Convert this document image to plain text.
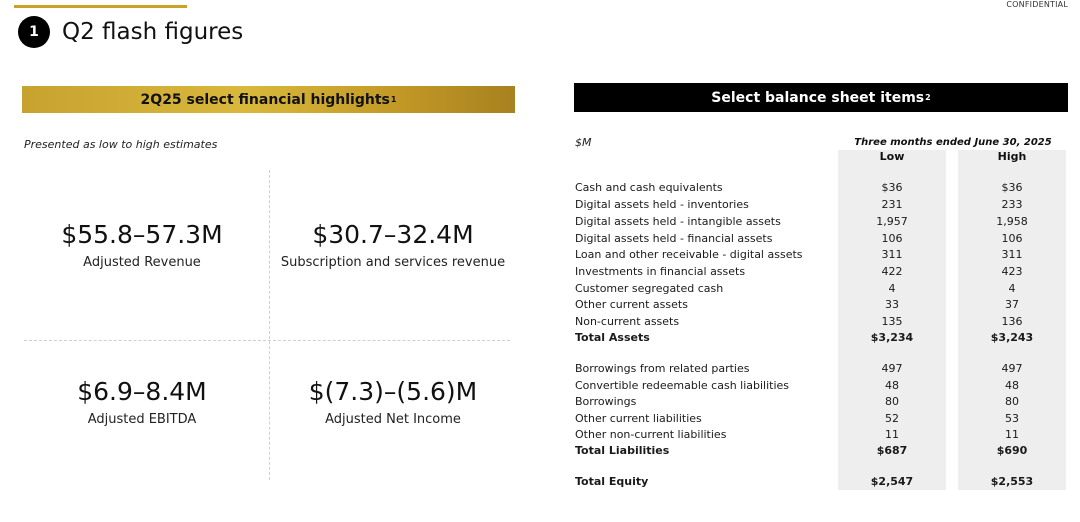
CONFIDENTIAL
1	Q2 flash figures
2Q25 select financial highlights 1
Presented as low to high estimates
$55.8–57.3M
Adjusted Revenue
$30.7–32.4M
Subscription and services revenue
$6.9–8.4M
Adjusted EBITDA
$(7.3)–(5.6)M
Adjusted Net Income
Select balance sheet items 2
$M	Three months ended June 30, 2025
Low	High
Cash and cash equivalents	$36	$36
Digital assets held - inventories	231	233
Digital assets held - intangible assets	1,957	1,958
Digital assets held - financial assets	106	106
Loan and other receivable - digital assets	311	311
Investments in financial assets	422	423
Customer segregated cash	4	4
Other current assets	33	37
Non-current assets	135	136
Total Assets	$3,234	$3,243
Borrowings from related parties	497	497
Convertible redeemable cash liabilities	48	48
Borrowings	80	80
Other current liabilities	52	53
Other non-current liabilities	11	11
Total Liabilities	$687	$690
Total Equity	$2,547	$2,553
